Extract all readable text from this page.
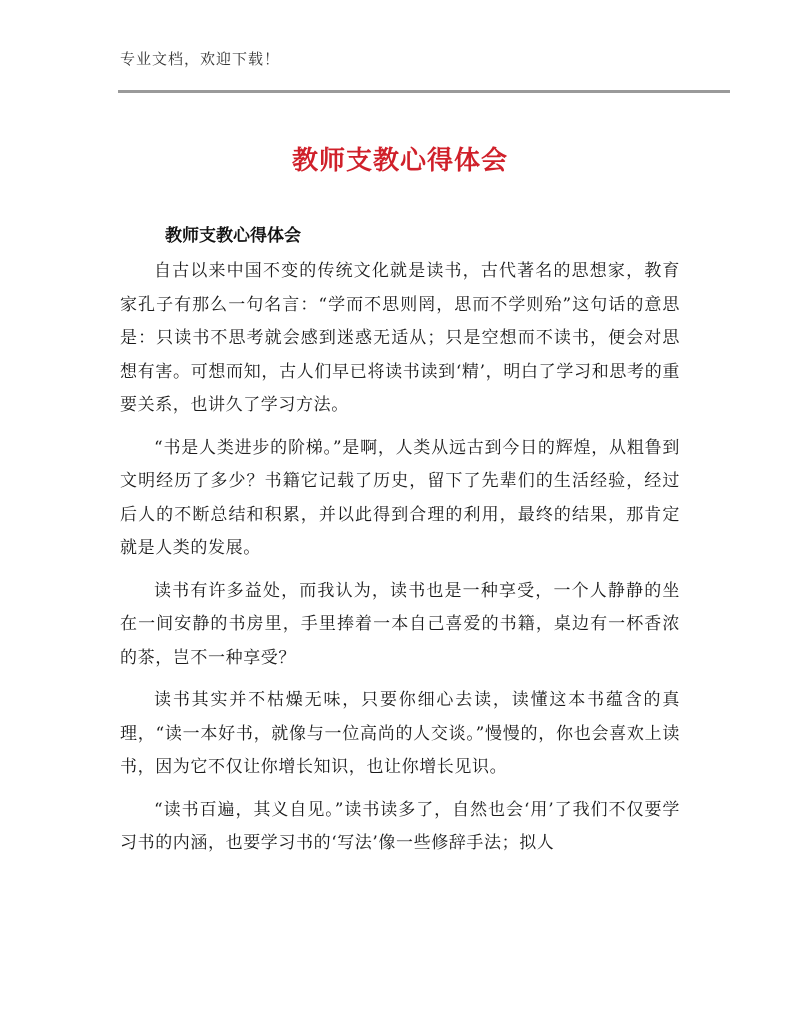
专业文档，欢迎下载！
教师支教心得体会
教师支教心得体会

自古以来中国不变的传统文化就是读书，古代著名的思想家，教育家孔子有那么一句名言：“学而不思则罔，思而不学则殆”这句话的意思是：只读书不思考就会感到迷惑无适从；只是空想而不读书，便会对思想有害。可想而知，古人们早已将读书读到‘精’，明白了学习和思考的重要关系，也讲久了学习方法。

“书是人类进步的阶梯。”是啊，人类从远古到今日的辉煌，从粗鲁到文明经历了多少？书籍它记载了历史，留下了先辈们的生活经验，经过后人的不断总结和积累，并以此得到合理的利用，最终的结果，那肯定就是人类的发展。

读书有许多益处，而我认为，读书也是一种享受，一个人静静的坐在一间安静的书房里，手里捧着一本自己喜爱的书籍，桌边有一杯香浓的茶，岂不一种享受？

读书其实并不枯燥无味，只要你细心去读，读懂这本书蕴含的真理，“读一本好书，就像与一位高尚的人交谈。”慢慢的，你也会喜欢上读书，因为它不仅让你增长知识，也让你增长见识。

“读书百遍，其义自见。”读书读多了，自然也会‘用’了我们不仅要学习书的内涵，也要学习书的‘写法’像一些修辞手法；拟人
